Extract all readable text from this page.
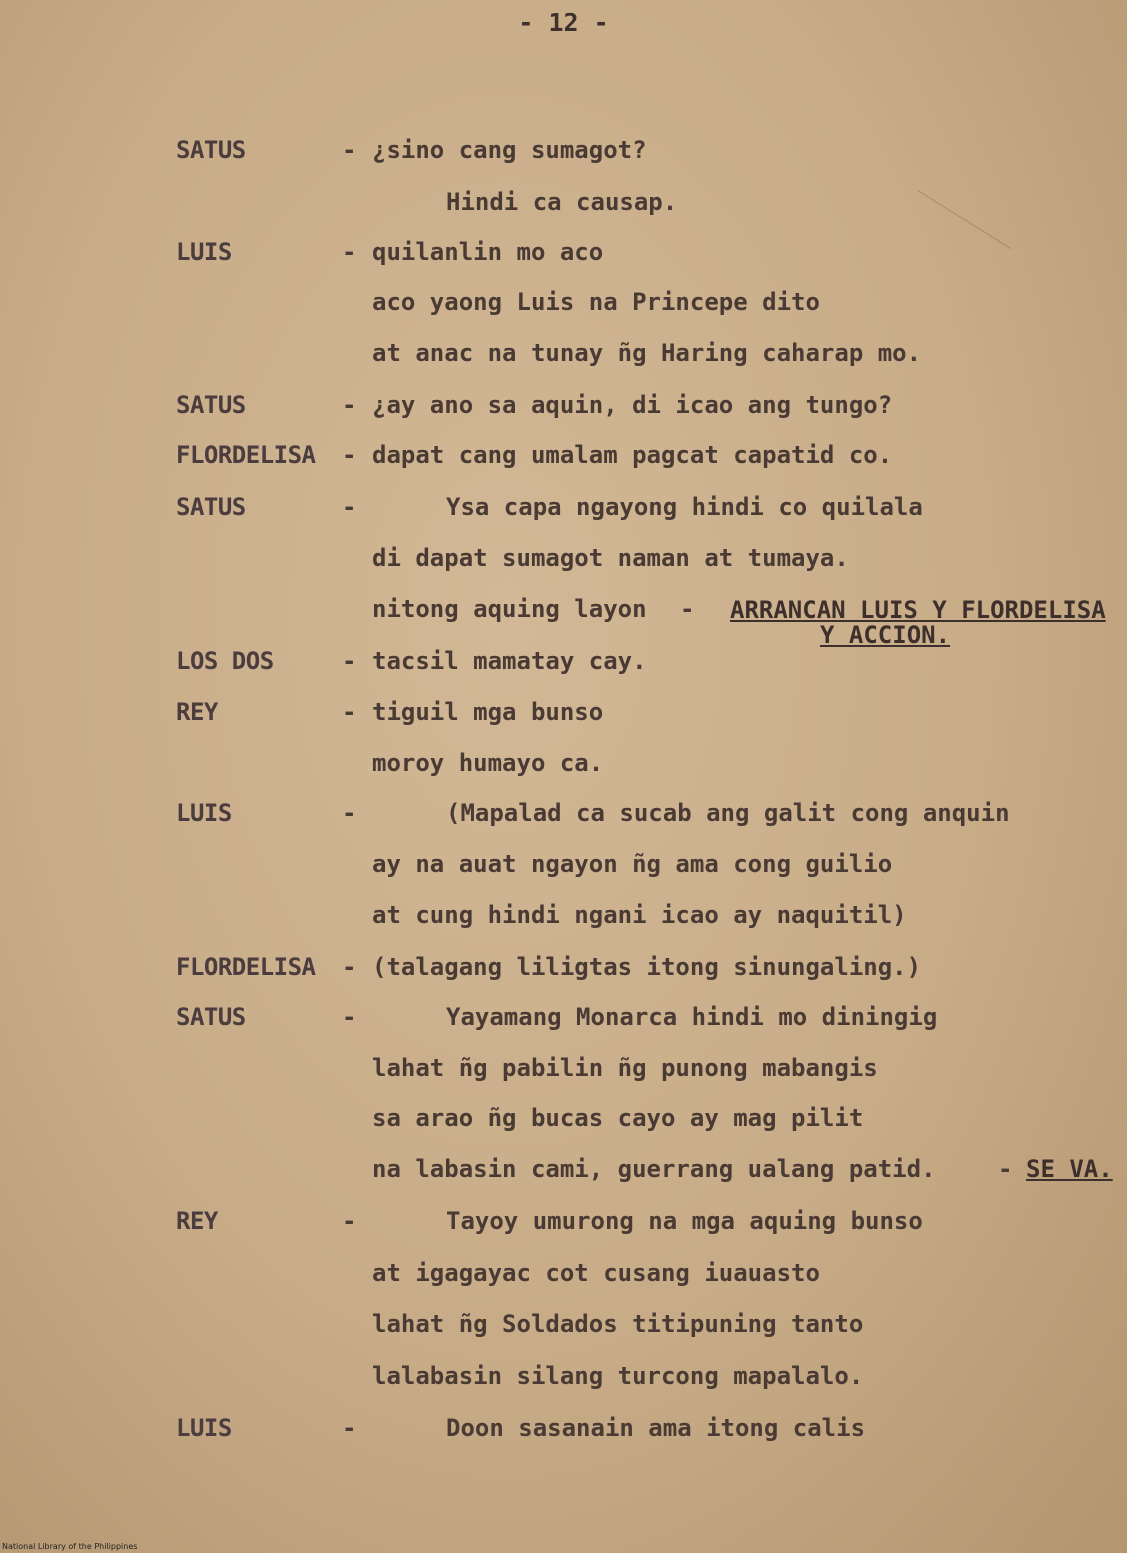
- 12 -
SATUS	- ¿sino cang sumagot?
Hindi ca causap.
LUIS	- quilanlin mo aco
aco yaong Luis na Princepe dito
at anac na tunay ñg Haring caharap mo.
SATUS	- ¿ay ano sa aquin, di icao ang tungo?
FLORDELISA - dapat cang umalam pagcat capatid co.
SATUS	-	Ysa capa ngayong hindi co quilala
di dapat sumagot naman at tumaya.
nitong aquing layon - ARRANCAN LUIS Y FLORDELISA
Y ACCION.
LOS DOS	- tacsil mamatay cay.
REY	- tiguil mga bunso
moroy humayo ca.
LUIS	-	(Mapalad ca sucab ang galit cong anquin
ay na auat ngayon ñg ama cong guilio
at cung hindi ngani icao ay naquitil)
FLORDELISA - (talagang liligtas itong sinungaling.)
SATUS	-	Yayamang Monarca hindi mo diningig
lahat ñg pabilin ñg punong mabangis
sa arao ñg bucas cayo ay mag pilit
na labasin cami, guerrang ualang patid.	- SE VA.
REY	-	Tayoy umurong na mga aquing bunso
at igagayac cot cusang iuauasto
lahat ñg Soldados titipuning tanto
lalabasin silang turcong mapalalo.
LUIS	-	Doon sasanain ama itong calis
National Library of the Philippines
